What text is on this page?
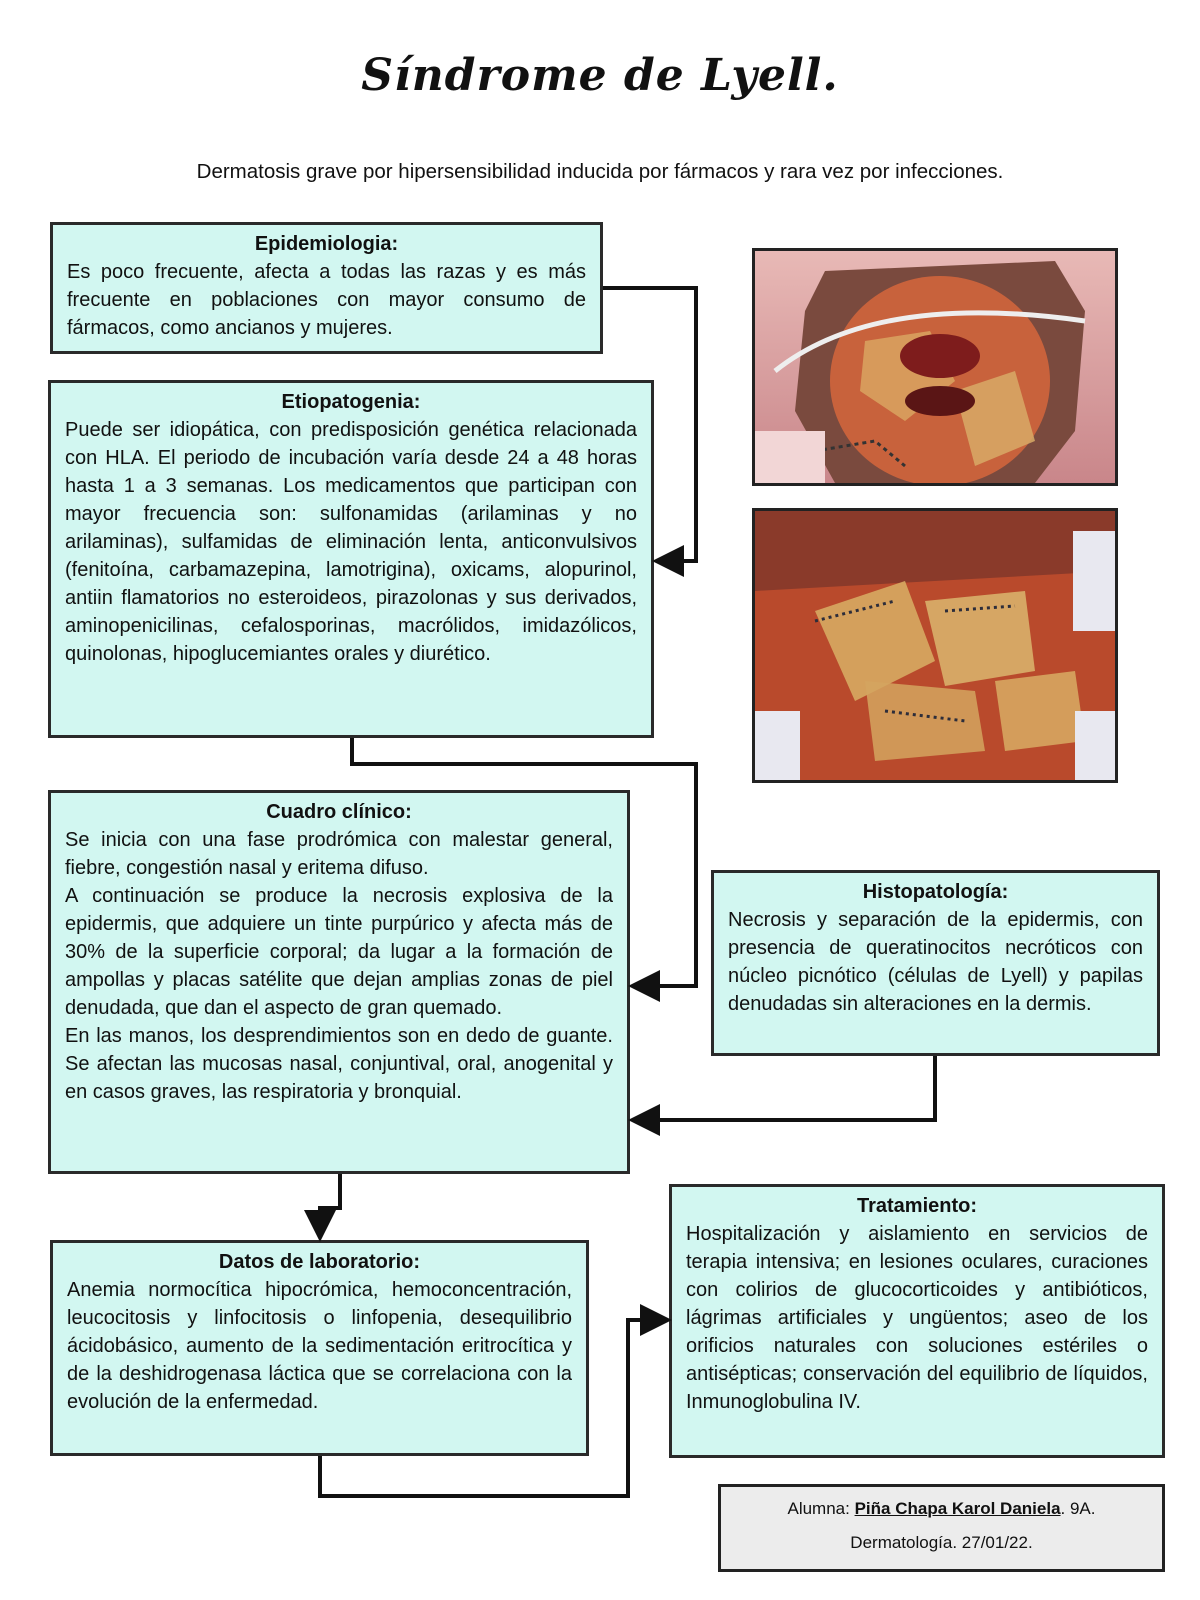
Síndrome de Lyell.
Dermatosis grave por hipersensibilidad inducida por fármacos y rara vez por infecciones.
Epidemiologia:

Es poco frecuente, afecta a todas las razas y es más frecuente en poblaciones con mayor consumo de fármacos, como ancianos y mujeres.

Etiopatogenia:

Puede ser idiopática, con predisposición genética relacionada con HLA. El periodo de incubación varía desde 24 a 48 horas hasta 1 a 3 semanas. Los medicamentos que participan con mayor frecuencia son: sulfonamidas (arilaminas y no arilaminas), sulfamidas de eliminación lenta, anticonvulsivos (fenitoína, carbamazepina, lamotrigina), oxicams, alopurinol, antiin flamatorios no esteroideos, pirazolonas y sus derivados, aminopenicilinas, cefalosporinas, macrólidos, imidazólicos, quinolonas, hipoglucemiantes orales y diurético.

Cuadro clínico:

Se inicia con una fase prodrómica con malestar general, fiebre, congestión nasal y eritema difuso.

A continuación se produce la necrosis explosiva de la epidermis, que adquiere un tinte purpúrico y afecta más de 30% de la superficie corporal; da lugar a la formación de ampollas y placas satélite que dejan amplias zonas de piel denudada, que dan el aspecto de gran quemado.

En las manos, los desprendimientos son en dedo de guante. Se afectan las mucosas nasal, conjuntival, oral, anogenital y en casos graves, las respiratoria y bronquial.

Histopatología:

Necrosis y separación de la epidermis, con presencia de queratinocitos necróticos con núcleo picnótico (células de Lyell) y papilas denudadas sin alteraciones en la dermis.

Datos de laboratorio:

Anemia normocítica hipocrómica, hemoconcentración, leucocitosis y linfocitosis o linfopenia, desequilibrio ácidobásico, aumento de la sedimentación eritrocítica y de la deshidrogenasa láctica que se correlaciona con la evolución de la enfermedad.

Tratamiento:

Hospitalización y aislamiento en servicios de terapia intensiva; en lesiones oculares, curaciones con colirios de glucocorticoides y antibióticos, lágrimas artificiales y ungüentos; aseo de los orificios naturales con soluciones estériles o antisépticas; conservación del equilibrio de líquidos, Inmunoglobulina IV.

Alumna: Piña Chapa Karol Daniela. 9A.
Dermatología. 27/01/22.
